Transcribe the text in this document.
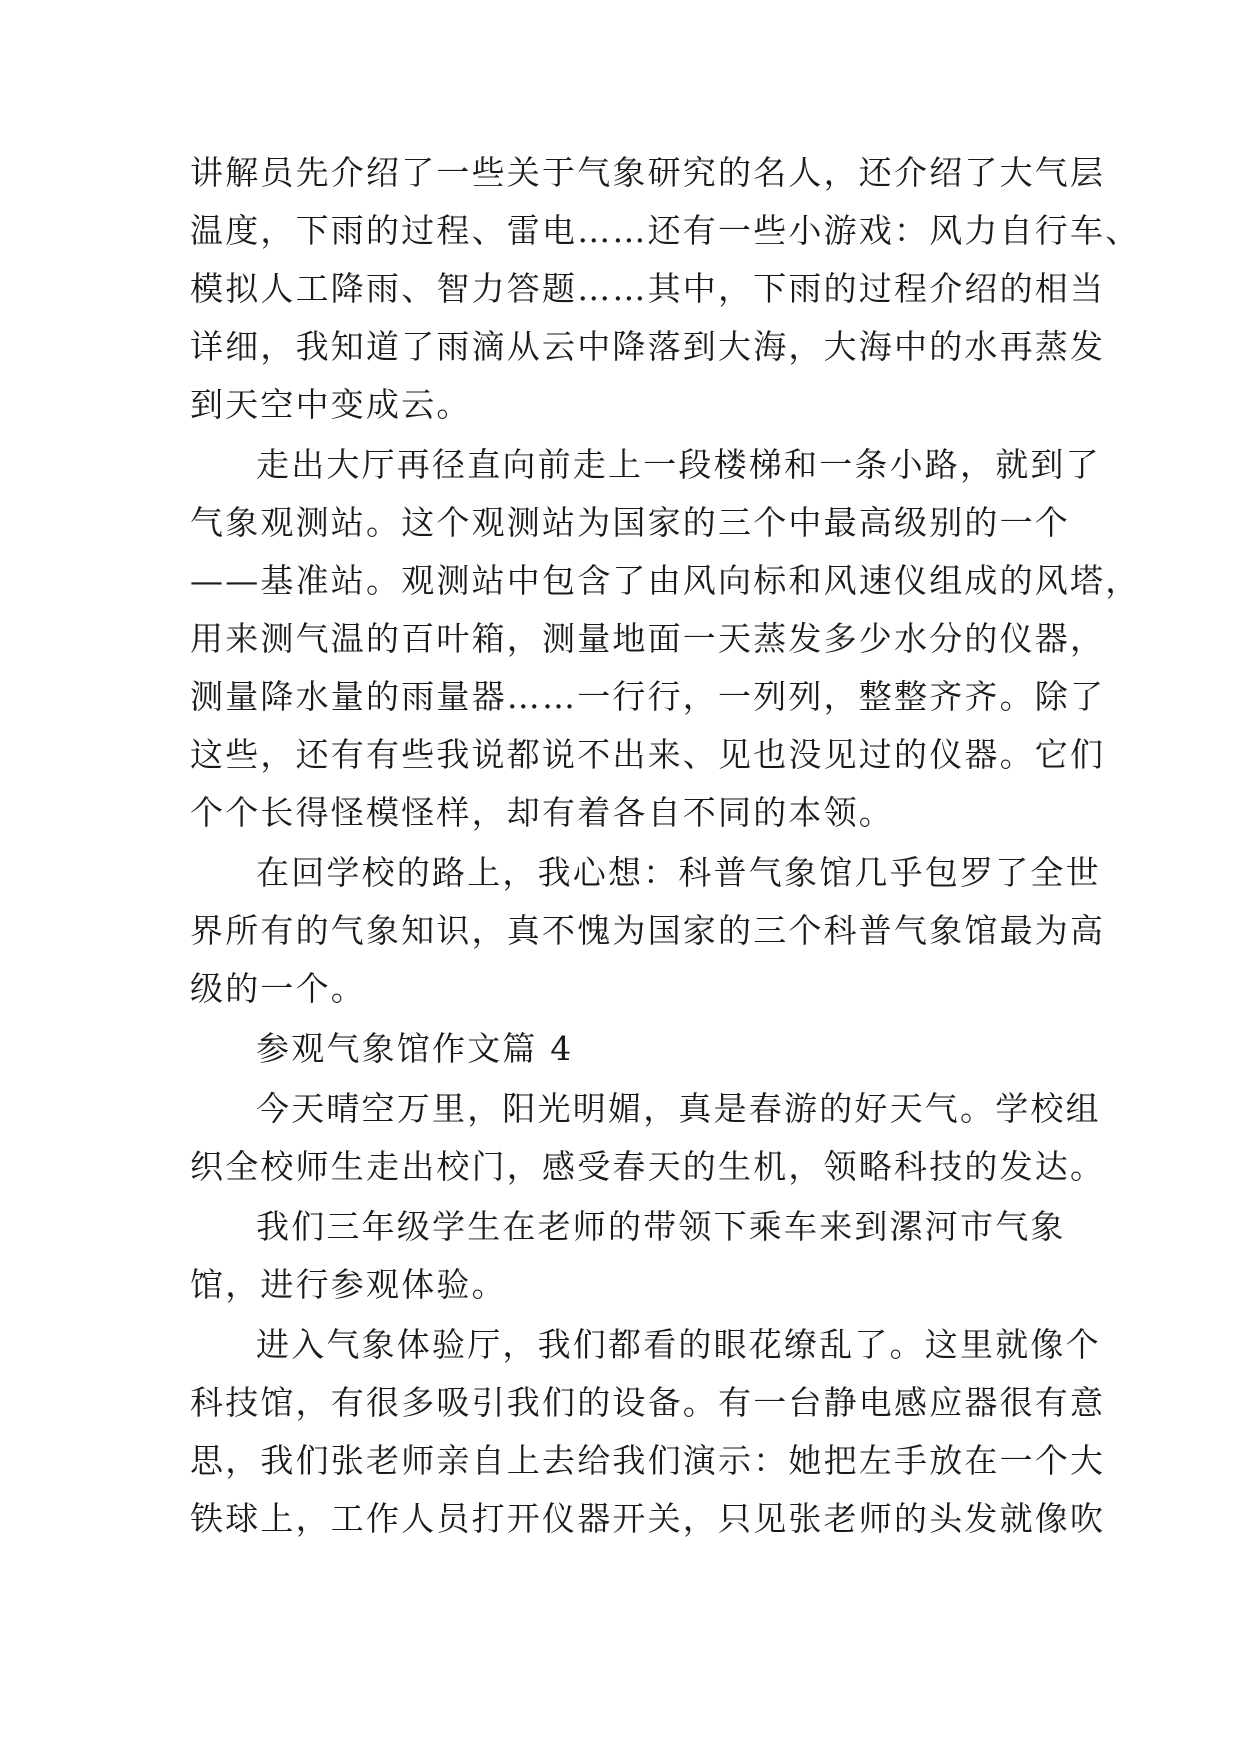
讲解员先介绍了一些关于气象研究的名人，还介绍了大气层
温度，下雨的过程、雷电……还有一些小游戏：风力自行车、
模拟人工降雨、智力答题……其中，下雨的过程介绍的相当
详细，我知道了雨滴从云中降落到大海，大海中的水再蒸发
到天空中变成云。
走出大厅再径直向前走上一段楼梯和一条小路，就到了
气象观测站。这个观测站为国家的三个中最高级别的一个
——基准站。观测站中包含了由风向标和风速仪组成的风塔，
用来测气温的百叶箱，测量地面一天蒸发多少水分的仪器，
测量降水量的雨量器……一行行，一列列，整整齐齐。除了
这些，还有有些我说都说不出来、见也没见过的仪器。它们
个个长得怪模怪样，却有着各自不同的本领。
在回学校的路上，我心想：科普气象馆几乎包罗了全世
界所有的气象知识，真不愧为国家的三个科普气象馆最为高
级的一个。
参观气象馆作文篇 4
今天晴空万里，阳光明媚，真是春游的好天气。学校组
织全校师生走出校门，感受春天的生机，领略科技的发达。
我们三年级学生在老师的带领下乘车来到漯河市气象
馆，进行参观体验。
进入气象体验厅，我们都看的眼花缭乱了。这里就像个
科技馆，有很多吸引我们的设备。有一台静电感应器很有意
思，我们张老师亲自上去给我们演示：她把左手放在一个大
铁球上，工作人员打开仪器开关，只见张老师的头发就像吹
